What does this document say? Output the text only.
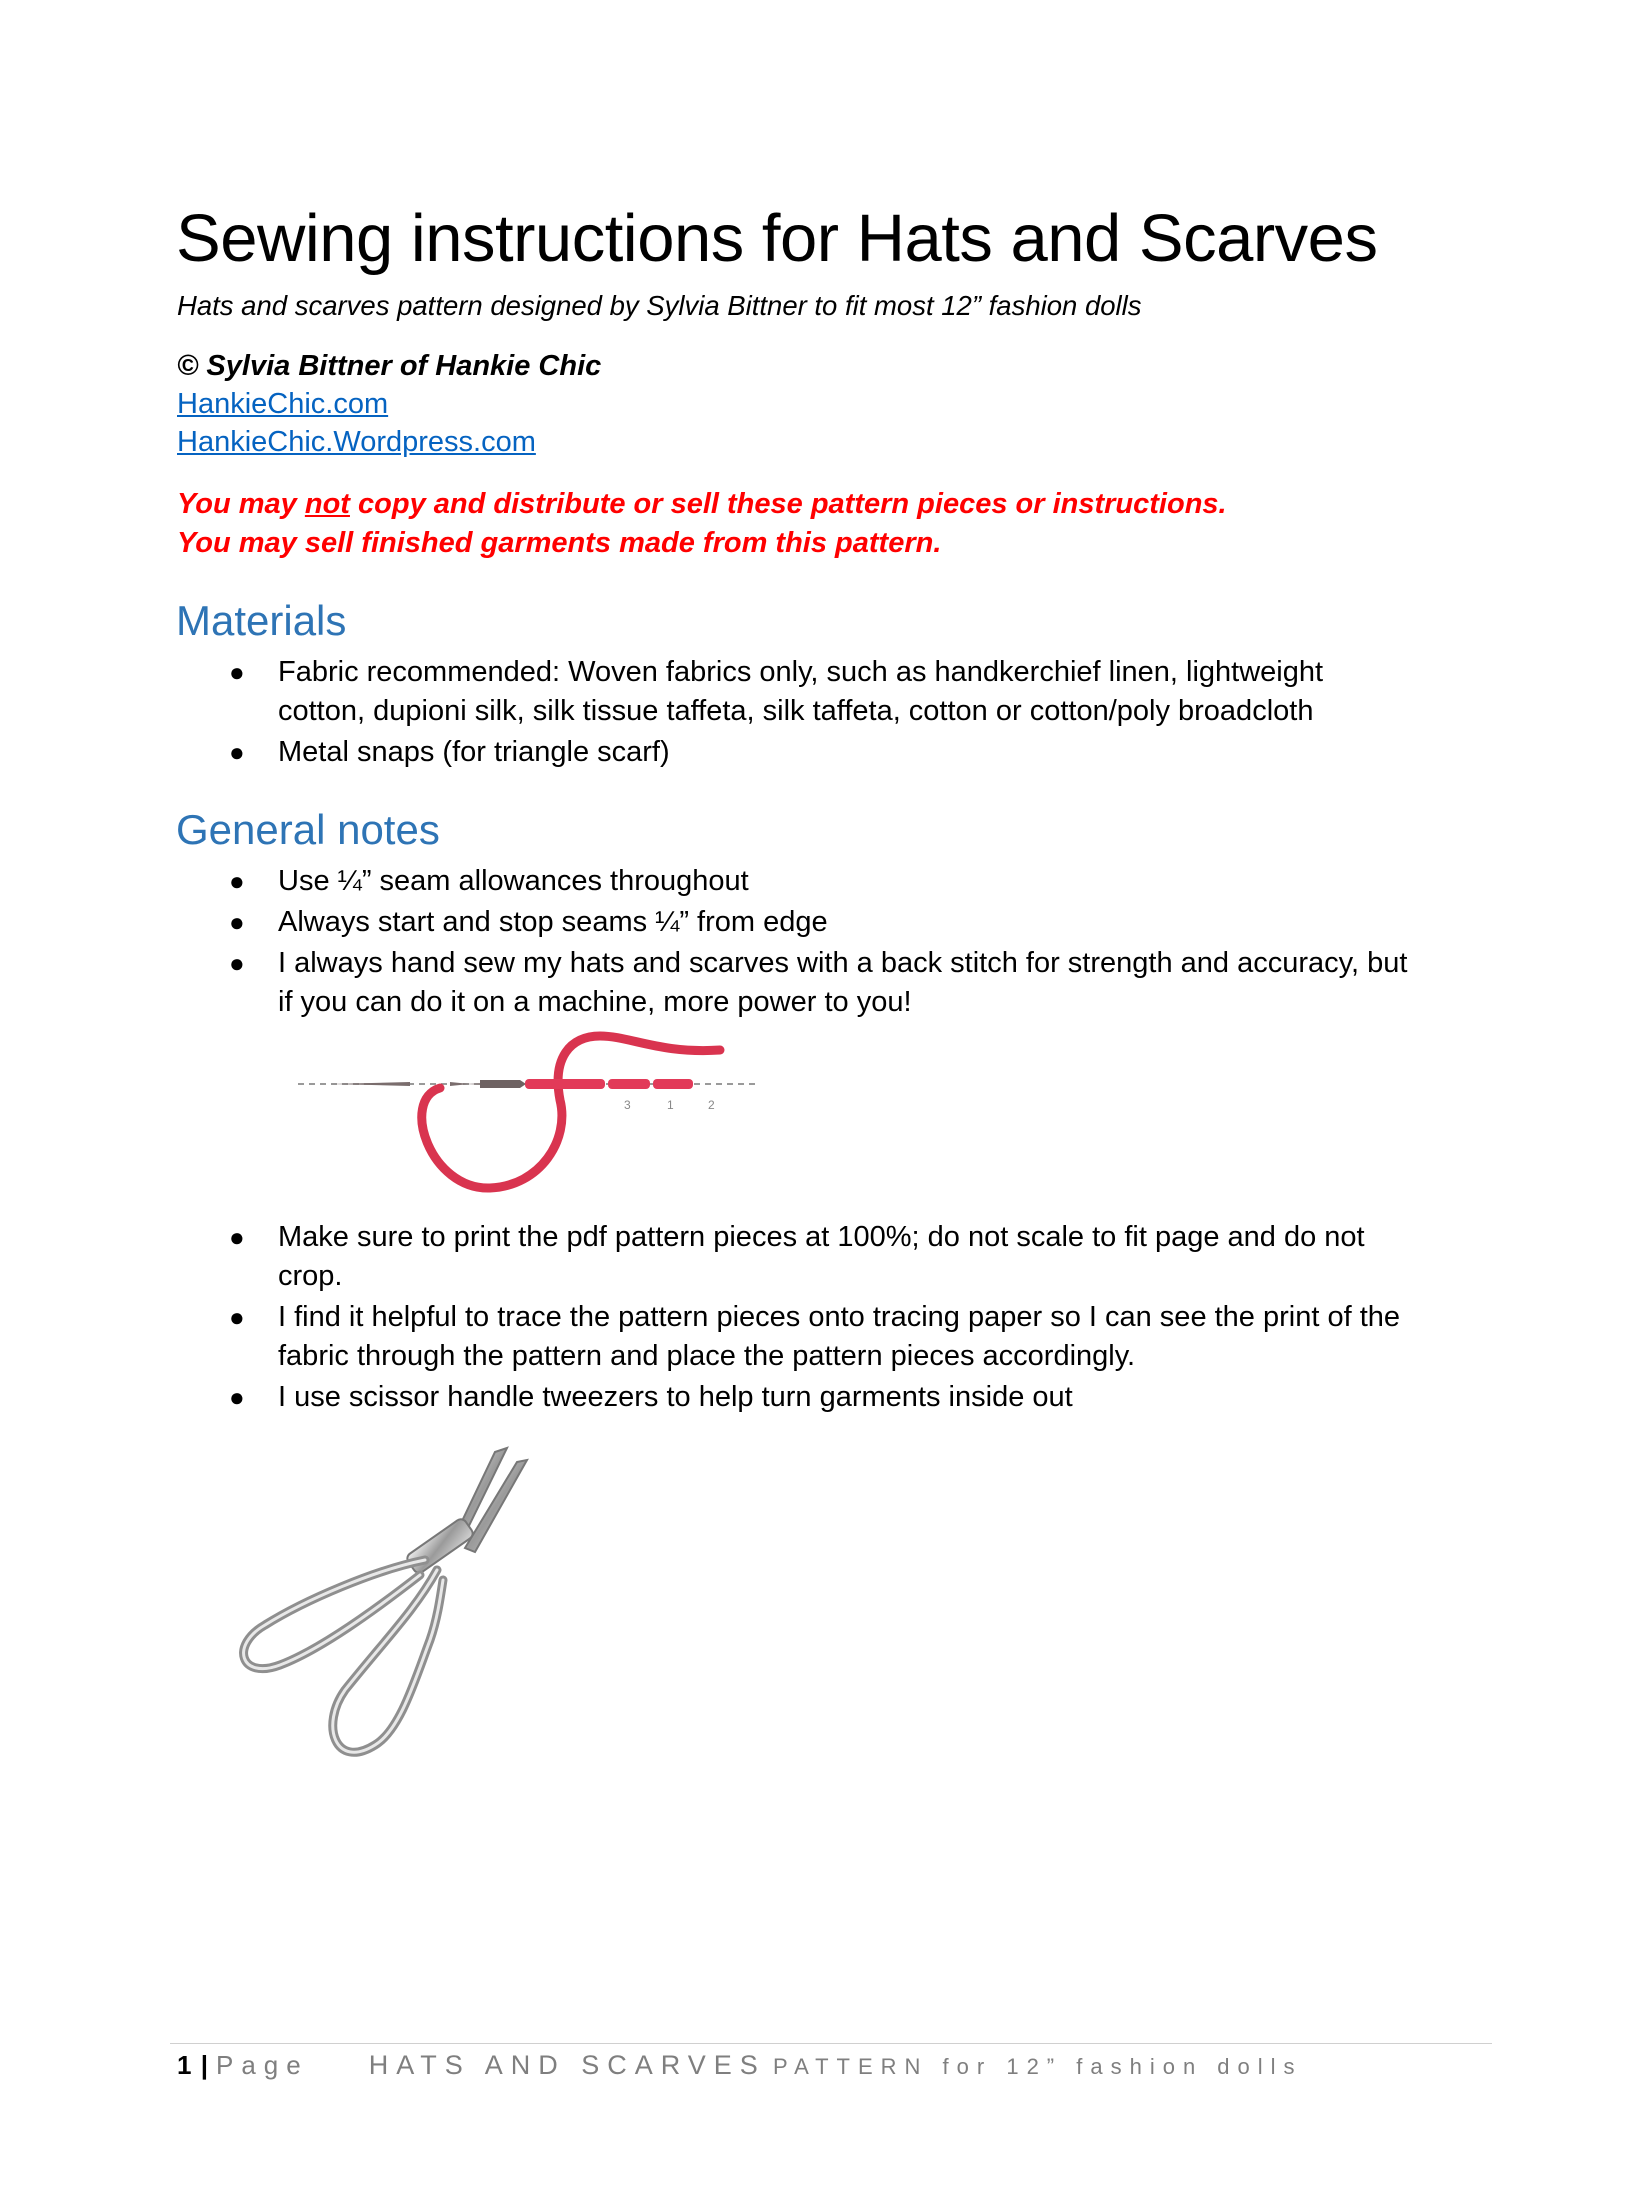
Sewing instructions for Hats and Scarves

Hats and scarves pattern designed by Sylvia Bittner to fit most 12” fashion dolls

© Sylvia Bittner of Hankie Chic

HankieChic.com
HankieChic.Wordpress.com

You may not copy and distribute or sell these pattern pieces or instructions.

You may sell finished garments made from this pattern.

Materials
● Fabric recommended: Woven fabrics only, such as handkerchief linen, lightweight
cotton, dupioni silk, silk tissue taffeta, silk taffeta, cotton or cotton/poly broadcloth
● Metal snaps (for triangle scarf)
General notes
● Use ¼” seam allowances throughout
● Always start and stop seams ¼” from edge
● I always hand sew my hats and scarves with a back stitch for strength and accuracy, but
if you can do it on a machine, more power to you!
3	1	2
● Make sure to print the pdf pattern pieces at 100%; do not scale to fit page and do not
crop.
● I find it helpful to trace the pattern pieces onto tracing paper so I can see the print of the
fabric through the pattern and place the pattern pieces accordingly.
● I use scissor handle tweezers to help turn garments inside out

1 | Page HATS AND SCARVES PATTERN for 12” fashion dolls
